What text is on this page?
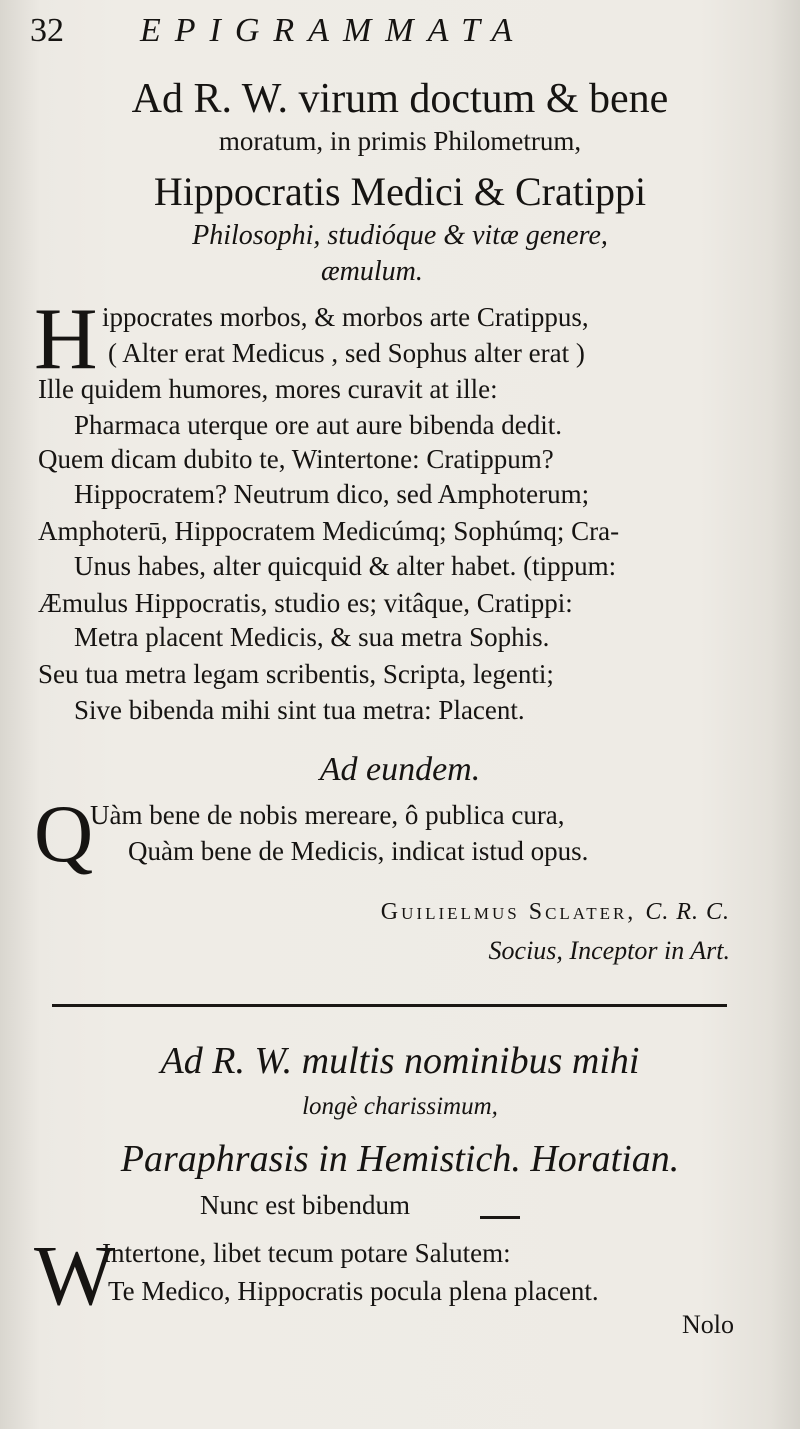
32 EPIGRAMMATA
Ad R. W. virum doctum & bene
moratum, in primis Philometrum,
Hippocratis Medici & Cratippi
Philosophi, studióque & vitæ genere,
æmulum.
H ippocrates morbos, & morbos arte Cratippus,
( Alter erat Medicus , sed Sophus alter erat )
Ille quidem humores, mores curavit at ille:
Pharmaca uterque ore aut aure bibenda dedit.
Quem dicam dubito te, Wintertone: Cratippum?
Hippocratem? Neutrum dico, sed Amphoterum;
Amphoterū, Hippocratem Medicúmq; Sophúmq; Cra-
Unus habes, alter quicquid & alter habet. (tippum:
Æmulus Hippocratis, studio es; vitâque, Cratippi:
Metra placent Medicis, & sua metra Sophis.
Seu tua metra legam scribentis, Scripta, legenti;
Sive bibenda mihi sint tua metra: Placent.
Ad eundem.
Q
Uàm bene de nobis mereare, ô publica cura,
Quàm bene de Medicis, indicat istud opus.
Guilielmus Sclater, C. R. C.
Socius, Inceptor in Art.
Ad R. W. multis nominibus mihi
longè charissimum,
Paraphrasis in Hemistich. Horatian.
Nunc est bibendum
W
Intertone, libet tecum potare Salutem:
Te Medico, Hippocratis pocula plena placent.
Nolo
